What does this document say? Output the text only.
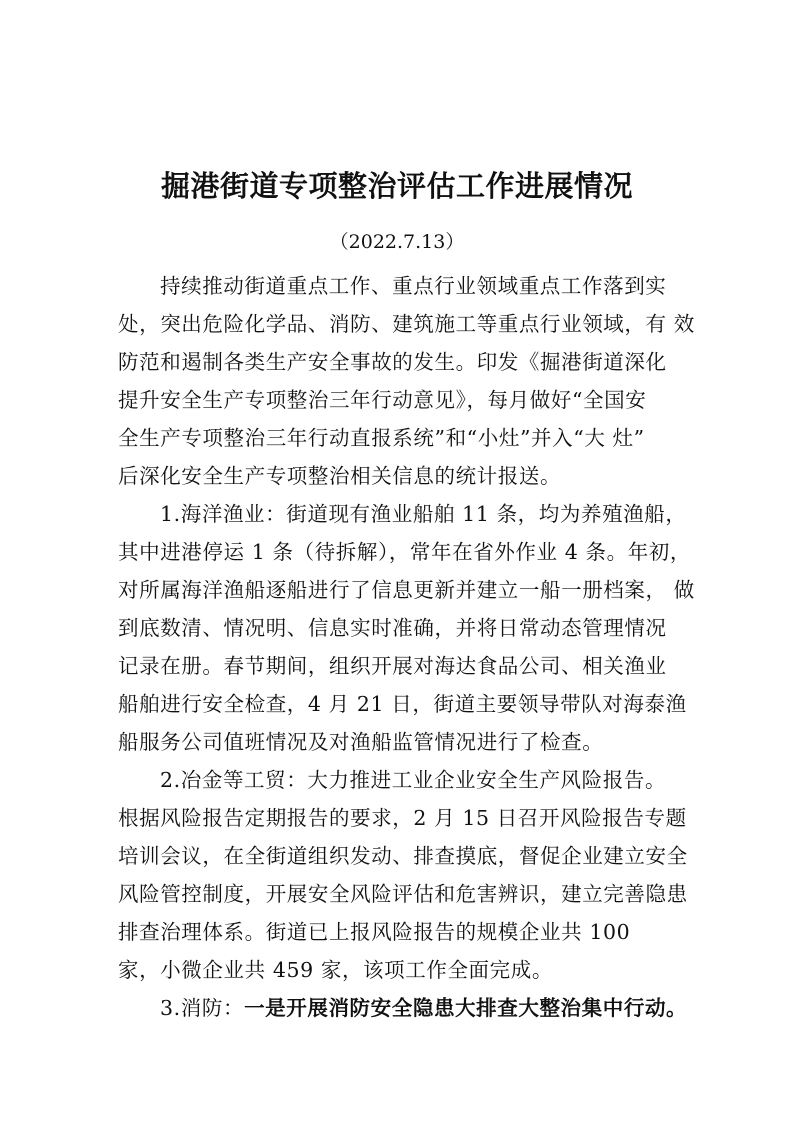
掘港街道专项整治评估工作进展情况
（2022.7.13）
持续推动街道重点工作、重点行业领域重点工作落到实
处，突出危险化学品、消防、建筑施工等重点行业领域，有 效
防范和遏制各类生产安全事故的发生。印发《掘港街道深化
提升安全生产专项整治三年行动意见》，每月做好“全国安
全生产专项整治三年行动直报系统”和“小灶”并入“大 灶”
后深化安全生产专项整治相关信息的统计报送。
1.海洋渔业：街道现有渔业船舶 11 条，均为养殖渔船，
其中进港停运 1 条（待拆解），常年在省外作业 4 条。年初，
对所属海洋渔船逐船进行了信息更新并建立一船一册档案， 做
到底数清、情况明、信息实时准确，并将日常动态管理情况
记录在册。春节期间，组织开展对海达食品公司、相关渔业
船舶进行安全检查，4 月 21 日，街道主要领导带队对海泰渔
船服务公司值班情况及对渔船监管情况进行了检查。
2.冶金等工贸：大力推进工业企业安全生产风险报告。
根据风险报告定期报告的要求，2 月 15 日召开风险报告专题
培训会议，在全街道组织发动、排查摸底，督促企业建立安全
风险管控制度，开展安全风险评估和危害辨识，建立完善隐患
排查治理体系。街道已上报风险报告的规模企业共 100
家，小微企业共 459 家，该项工作全面完成。
3.消防：一是开展消防安全隐患大排查大整治集中行动。
